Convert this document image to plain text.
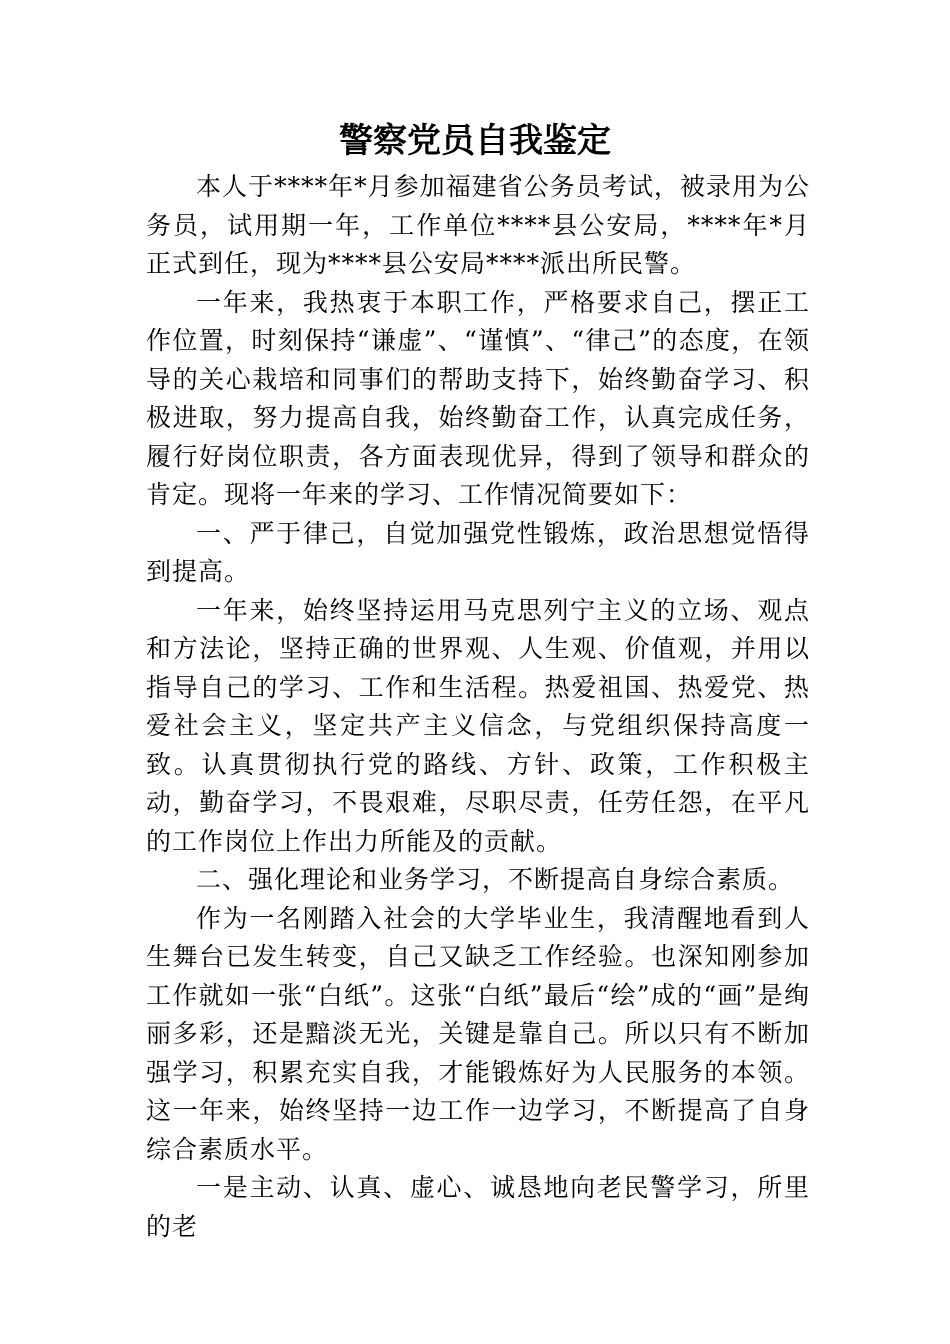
警察党员自我鉴定

本人于****年*月参加福建省公务员考试，被录用为公务员，试用期一年，工作单位****县公安局，****年*月正式到任，现为****县公安局****派出所民警。

一年来，我热衷于本职工作，严格要求自己，摆正工作位置，时刻保持“谦虚”、“谨慎”、“律己”的态度，在领导的关心栽培和同事们的帮助支持下，始终勤奋学习、积极进取，努力提高自我，始终勤奋工作，认真完成任务，履行好岗位职责，各方面表现优异，得到了领导和群众的肯定。现将一年来的学习、工作情况简要如下：

一、严于律己，自觉加强党性锻炼，政治思想觉悟得到提高。

一年来，始终坚持运用马克思列宁主义的立场、观点和方法论，坚持正确的世界观、人生观、价值观，并用以指导自己的学习、工作和生活程。热爱祖国、热爱党、热爱社会主义，坚定共产主义信念，与党组织保持高度一致。认真贯彻执行党的路线、方针、政策，工作积极主动，勤奋学习，不畏艰难，尽职尽责，任劳任怨，在平凡的工作岗位上作出力所能及的贡献。

二、强化理论和业务学习，不断提高自身综合素质。

作为一名刚踏入社会的大学毕业生，我清醒地看到人生舞台已发生转变，自己又缺乏工作经验。也深知刚参加工作就如一张“白纸”。这张“白纸”最后“绘”成的“画”是绚丽多彩，还是黯淡无光，关键是靠自己。所以只有不断加强学习，积累充实自我，才能锻炼好为人民服务的本领。这一年来，始终坚持一边工作一边学习，不断提高了自身综合素质水平。

一是主动、认真、虚心、诚恳地向老民警学习，所里的老
